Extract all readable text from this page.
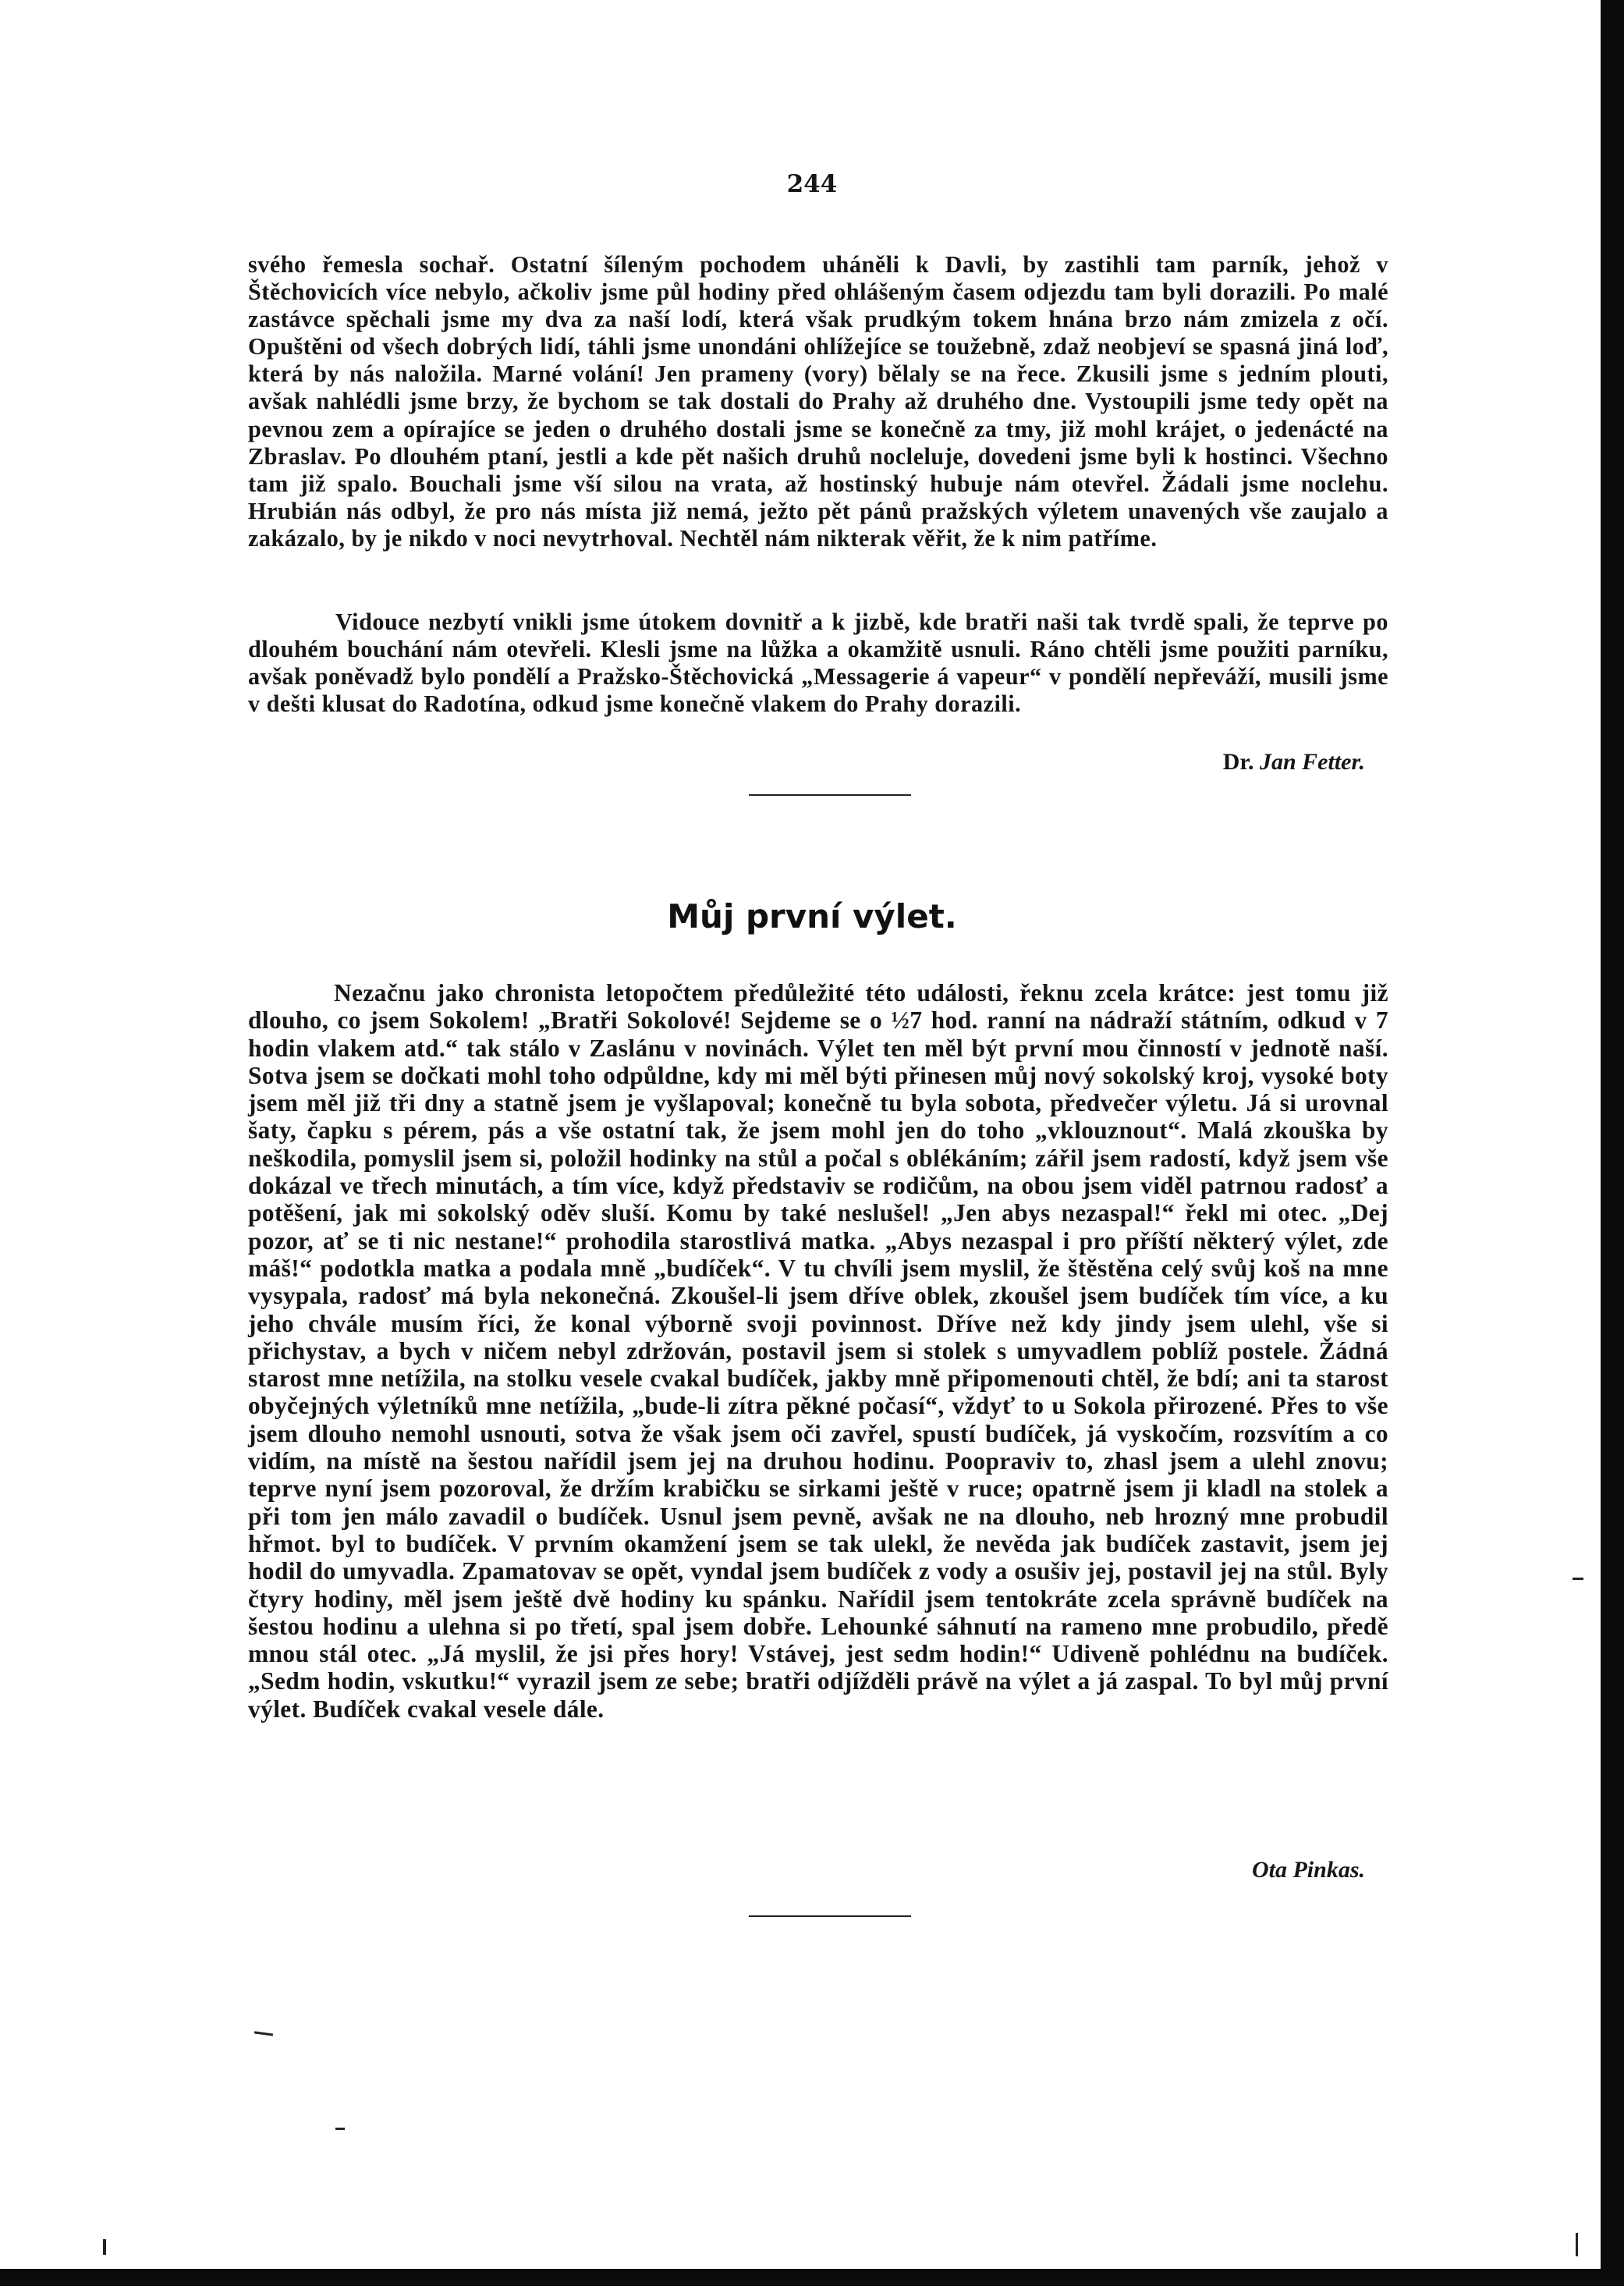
244

svého řemesla sochař. Ostatní šíleným pochodem uháněli k Davli, by zastihli tam parník, jehož v Štěchovicích více nebylo, ačkoliv jsme půl hodiny před ohlášeným časem odjezdu tam byli dorazili. Po malé zastávce spěchali jsme my dva za naší lodí, která však prudkým tokem hnána brzo nám zmizela z očí. Opuštěni od všech dobrých lidí, táhli jsme unondáni ohlížejíce se toužebně, zdaž neobjeví se spasná jiná loď, která by nás naložila. Marné volání! Jen prameny (vory) bělaly se na řece. Zkusili jsme s jedním plouti, avšak nahlédli jsme brzy, že bychom se tak dostali do Prahy až druhého dne. Vystoupili jsme tedy opět na pevnou zem a opírajíce se jeden o druhého dostali jsme se konečně za tmy, již mohl krájet, o jedenácté na Zbraslav. Po dlouhém ptaní, jestli a kde pět našich druhů nocleluje, dovedeni jsme byli k hostinci. Všechno tam již spalo. Bouchali jsme vší silou na vrata, až hostinský hubuje nám otevřel. Žádali jsme noclehu. Hrubián nás odbyl, že pro nás místa již nemá, ježto pět pánů pražských výletem unavených vše zaujalo a zakázalo, by je nikdo v noci nevytrhoval. Nechtěl nám nikterak věřit, že k nim patříme.

Vidouce nezbytí vnikli jsme útokem dovnitř a k jizbě, kde bratři naši tak tvrdě spali, že teprve po dlouhém bouchání nám otevřeli. Klesli jsme na lůžka a okamžitě usnuli. Ráno chtěli jsme použiti parníku, avšak poněvadž bylo pondělí a Pražsko-Štěchovická „Messagerie á vapeur“ v pondělí nepřeváží, musili jsme v dešti klusat do Radotína, odkud jsme konečně vlakem do Prahy dorazili.

Dr. Jan Fetter.

Můj první výlet.

Nezačnu jako chronista letopočtem předůležité této události, řeknu zcela krátce: jest tomu již dlouho, co jsem Sokolem! „Bratři Sokolové! Sejdeme se o ½7 hod. ranní na nádraží státním, odkud v 7 hodin vlakem atd.“ tak stálo v Zaslánu v novinách. Výlet ten měl být první mou činností v jednotě naší. Sotva jsem se dočkati mohl toho odpůldne, kdy mi měl býti přinesen můj nový sokolský kroj, vysoké boty jsem měl již tři dny a statně jsem je vyšlapoval; konečně tu byla sobota, předvečer výletu. Já si urovnal šaty, čapku s pérem, pás a vše ostatní tak, že jsem mohl jen do toho „vklouznout“. Malá zkouška by neškodila, pomyslil jsem si, položil hodinky na stůl a počal s oblékáním; zářil jsem radostí, když jsem vše dokázal ve třech minutách, a tím více, když představiv se rodičům, na obou jsem viděl patrnou radosť a potěšení, jak mi sokolský oděv sluší. Komu by také neslušel! „Jen abys nezaspal!“ řekl mi otec. „Dej pozor, ať se ti nic nestane!“ prohodila starostlivá matka. „Abys nezaspal i pro příští některý výlet, zde máš!“ podotkla matka a podala mně „budíček“. V tu chvíli jsem myslil, že štěstěna celý svůj koš na mne vysypala, radosť má byla nekonečná. Zkoušel-li jsem dříve oblek, zkoušel jsem budíček tím více, a ku jeho chvále musím říci, že konal výborně svoji povinnost. Dříve než kdy jindy jsem ulehl, vše si přichystav, a bych v ničem nebyl zdržován, postavil jsem si stolek s umyvadlem poblíž postele. Žádná starost mne netížila, na stolku vesele cvakal budíček, jakby mně připomenouti chtěl, že bdí; ani ta starost obyčejných výletníků mne netížila, „bude-li zítra pěkné počasí“, vždyť to u Sokola přirozené. Přes to vše jsem dlouho nemohl usnouti, sotva že však jsem oči zavřel, spustí budíček, já vyskočím, rozsvítím a co vidím, na místě na šestou nařídil jsem jej na druhou hodinu. Poopraviv to, zhasl jsem a ulehl znovu; teprve nyní jsem pozoroval, že držím krabičku se sirkami ještě v ruce; opatrně jsem ji kladl na stolek a při tom jen málo zavadil o budíček. Usnul jsem pevně, avšak ne na dlouho, neb hrozný mne probudil hřmot. byl to budíček. V prvním okamžení jsem se tak ulekl, že nevěda jak budíček zastavit, jsem jej hodil do umyvadla. Zpamatovav se opět, vyndal jsem budíček z vody a osušiv jej, postavil jej na stůl. Byly čtyry hodiny, měl jsem ještě dvě hodiny ku spánku. Nařídil jsem tentokráte zcela správně budíček na šestou hodinu a ulehna si po třetí, spal jsem dobře. Lehounké sáhnutí na rameno mne probudilo, předě mnou stál otec. „Já myslil, že jsi přes hory! Vstávej, jest sedm hodin!“ Udiveně pohlédnu na budíček. „Sedm hodin, vskutku!“ vyrazil jsem ze sebe; bratři odjížděli právě na výlet a já zaspal. To byl můj první výlet. Budíček cvakal vesele dále.

Ota Pinkas.
